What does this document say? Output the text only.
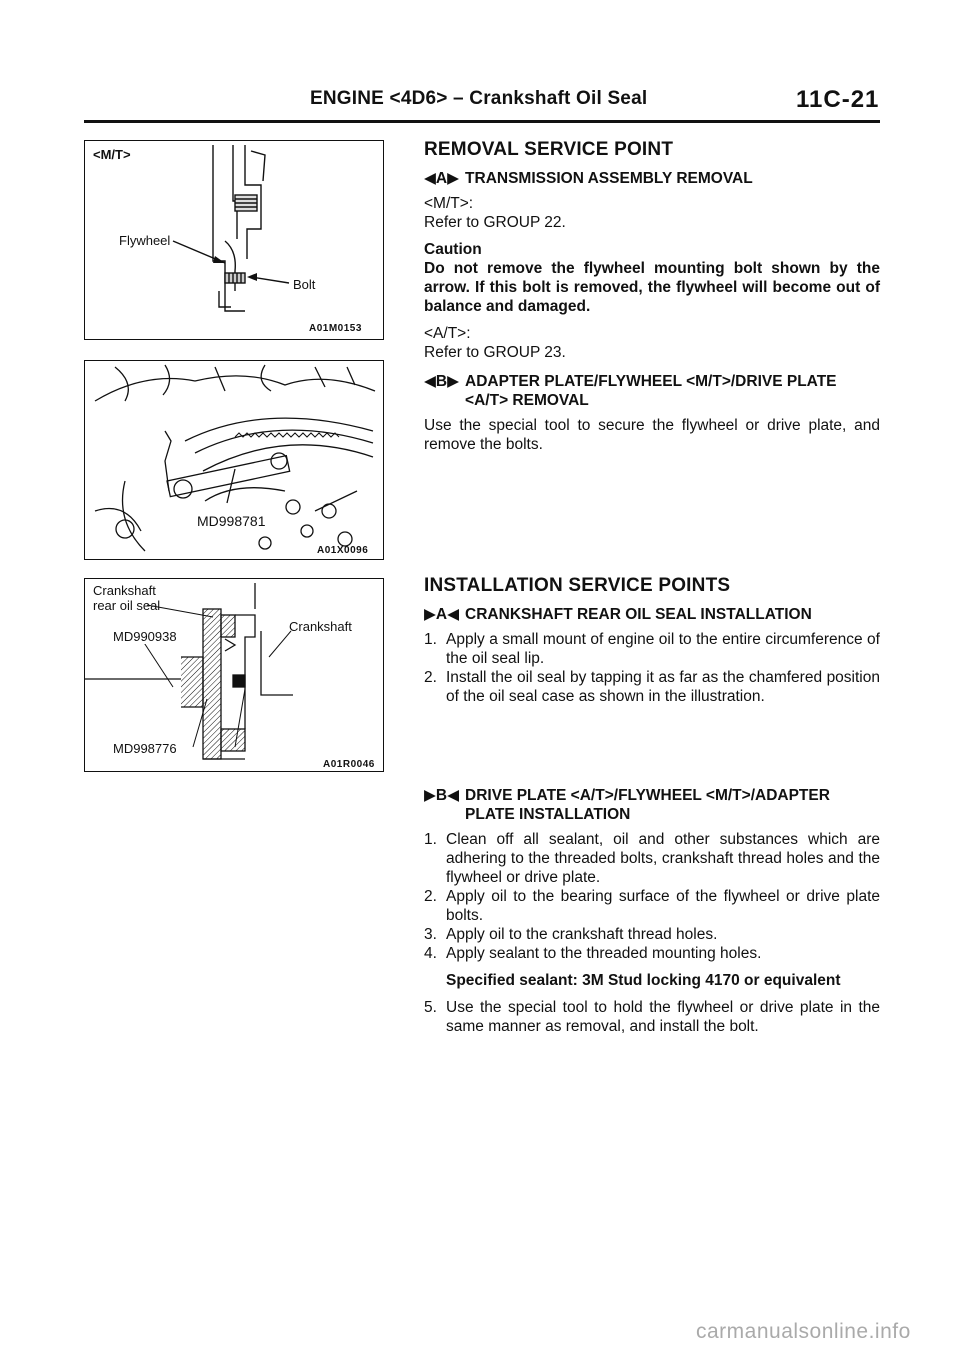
ENGINE <4D6> – Crankshaft Oil Seal	11C-21
<M/T>
Flywheel
Bolt
A01M0153
MD998781
A01X0096
Crankshaft
rear oil seal
MD990938
Crankshaft
MD998776
A01R0046
REMOVAL SERVICE POINT
◀A▶ TRANSMISSION ASSEMBLY REMOVAL
<M/T>:
Refer to GROUP 22.
Caution
Do not remove the flywheel mounting bolt shown by the arrow. If this bolt is removed, the flywheel will become out of balance and damaged.
<A/T>:
Refer to GROUP 23.
◀B▶ ADAPTER PLATE/FLYWHEEL <M/T>/DRIVE PLATE <A/T> REMOVAL
Use the special tool to secure the flywheel or drive plate, and remove the bolts.
INSTALLATION SERVICE POINTS
▶A◀ CRANKSHAFT REAR OIL SEAL INSTALLATION
1. Apply a small mount of engine oil to the entire circumference of the oil seal lip.
2. Install the oil seal by tapping it as far as the chamfered position of the oil seal case as shown in the illustration.
▶B◀ DRIVE PLATE <A/T>/FLYWHEEL <M/T>/ADAPTER PLATE INSTALLATION
1. Clean off all sealant, oil and other substances which are adhering to the threaded bolts, crankshaft thread holes and the flywheel or drive plate.
2. Apply oil to the bearing surface of the flywheel or drive plate bolts.
3. Apply oil to the crankshaft thread holes.
4. Apply sealant to the threaded mounting holes.
Specified sealant: 3M Stud locking 4170 or equivalent
5. Use the special tool to hold the flywheel or drive plate in the same manner as removal, and install the bolt.
carmanualsonline.info
